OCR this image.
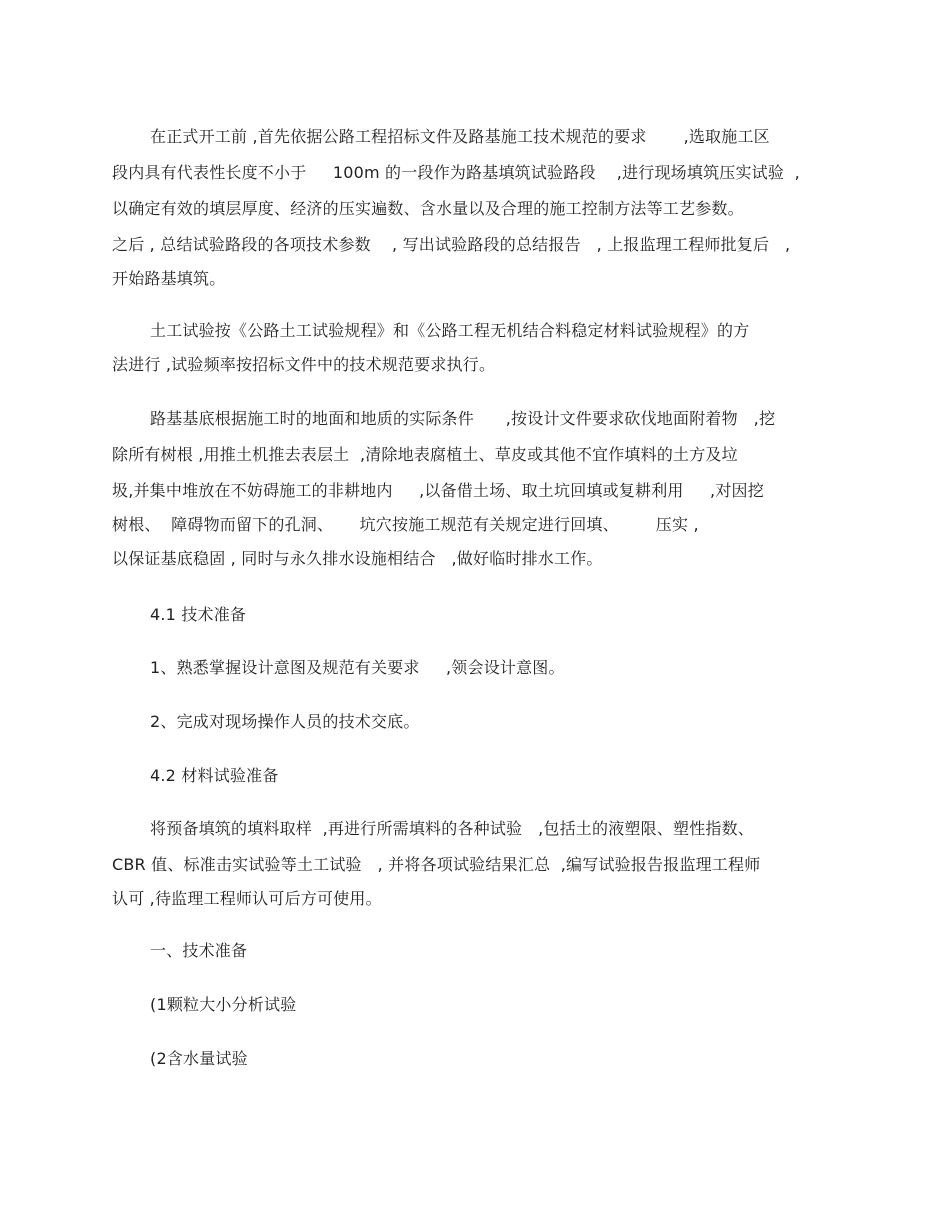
在正式开工前 ,首先依据公路工程招标文件及路基施工技术规范的要求       ,选取施工区
段内具有代表性长度不小于     100m 的一段作为路基填筑试验路段    ,进行现场填筑压实试验  ,
以确定有效的填层厚度、经济的压实遍数、含水量以及合理的施工控制方法等工艺参数。
之后 , 总结试验路段的各项技术参数    , 写出试验路段的总结报告   , 上报监理工程师批复后   ,
开始路基填筑。
土工试验按《公路土工试验规程》和《公路工程无机结合料稳定材料试验规程》的方
法进行 ,试验频率按招标文件中的技术规范要求执行。
路基基底根据施工时的地面和地质的实际条件      ,按设计文件要求砍伐地面附着物   ,挖
除所有树根 ,用推土机推去表层土  ,清除地表腐植土、草皮或其他不宜作填料的土方及垃
圾,并集中堆放在不妨碍施工的非耕地内     ,以备借土场、取土坑回填或复耕利用     ,对因挖
树根、  障碍物而留下的孔洞、     坑穴按施工规范有关规定进行回填、       压实 ,
以保证基底稳固 , 同时与永久排水设施相结合   ,做好临时排水工作。
4.1 技术准备
1、熟悉掌握设计意图及规范有关要求     ,领会设计意图。
2、完成对现场操作人员的技术交底。
4.2 材料试验准备
将预备填筑的填料取样  ,再进行所需填料的各种试验   ,包括土的液塑限、塑性指数、
CBR 值、标准击实试验等土工试验   , 并将各项试验结果汇总  ,编写试验报告报监理工程师
认可 ,待监理工程师认可后方可使用。
一、技术准备
(1颗粒大小分析试验
(2含水量试验
